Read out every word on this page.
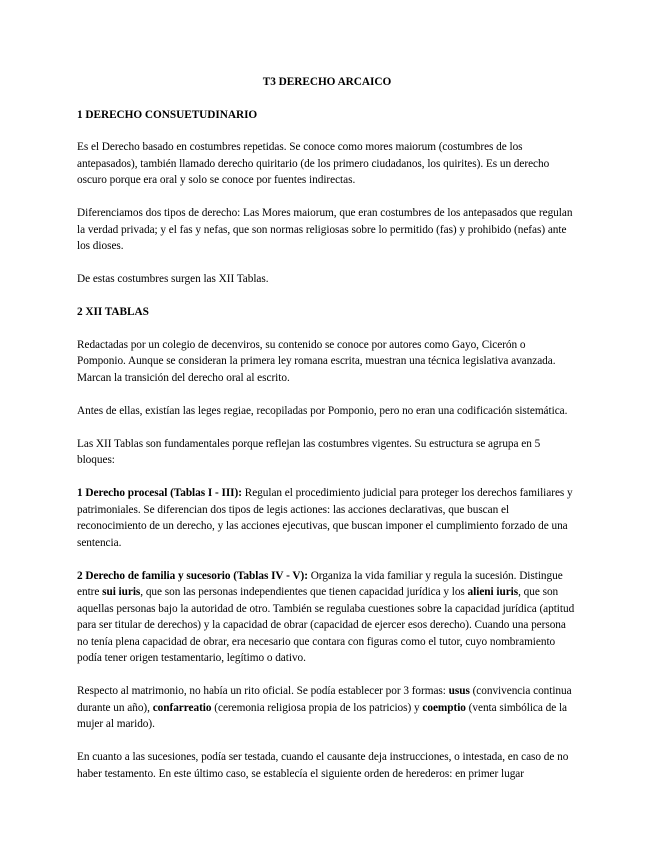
T3 DERECHO ARCAICO
1 DERECHO CONSUETUDINARIO

Es el Derecho basado en costumbres repetidas. Se conoce como mores maiorum (costumbres de los antepasados), también llamado derecho quiritario (de los primero ciudadanos, los quirites). Es un derecho oscuro porque era oral y solo se conoce por fuentes indirectas.

Diferenciamos dos tipos de derecho: Las Mores maiorum, que eran costumbres de los antepasados que regulan la verdad privada; y el fas y nefas, que son normas religiosas sobre lo permitido (fas) y prohibido (nefas) ante los dioses.

De estas costumbres surgen las XII Tablas.

2 XII TABLAS

Redactadas por un colegio de decenviros, su contenido se conoce por autores como Gayo, Cicerón o Pomponio. Aunque se consideran la primera ley romana escrita, muestran una técnica legislativa avanzada. Marcan la transición del derecho oral al escrito.

Antes de ellas, existían las leges regiae, recopiladas por Pomponio, pero no eran una codificación sistemática.

Las XII Tablas son fundamentales porque reflejan las costumbres vigentes. Su estructura se agrupa en 5 bloques:

1 Derecho procesal (Tablas I - III): Regulan el procedimiento judicial para proteger los derechos familiares y patrimoniales. Se diferencian dos tipos de legis actiones: las acciones declarativas, que buscan el reconocimiento de un derecho, y las acciones ejecutivas, que buscan imponer el cumplimiento forzado de una sentencia.

2 Derecho de familia y sucesorio (Tablas IV - V): Organiza la vida familiar y regula la sucesión. Distingue entre sui iuris, que son las personas independientes que tienen capacidad jurídica y los alieni iuris, que son aquellas personas bajo la autoridad de otro. También se regulaba cuestiones sobre la capacidad jurídica (aptitud para ser titular de derechos) y la capacidad de obrar (capacidad de ejercer esos derecho). Cuando una persona no tenía plena capacidad de obrar, era necesario que contara con figuras como el tutor, cuyo nombramiento podía tener origen testamentario, legítimo o dativo.

Respecto al matrimonio, no había un rito oficial. Se podía establecer por 3 formas: usus (convivencia continua durante un año), confarreatio (ceremonia religiosa propia de los patricios) y coemptio (venta simbólica de la mujer al marido).

En cuanto a las sucesiones, podía ser testada, cuando el causante deja instrucciones, o intestada, en caso de no haber testamento. En este último caso, se establecía el siguiente orden de herederos: en primer lugar
